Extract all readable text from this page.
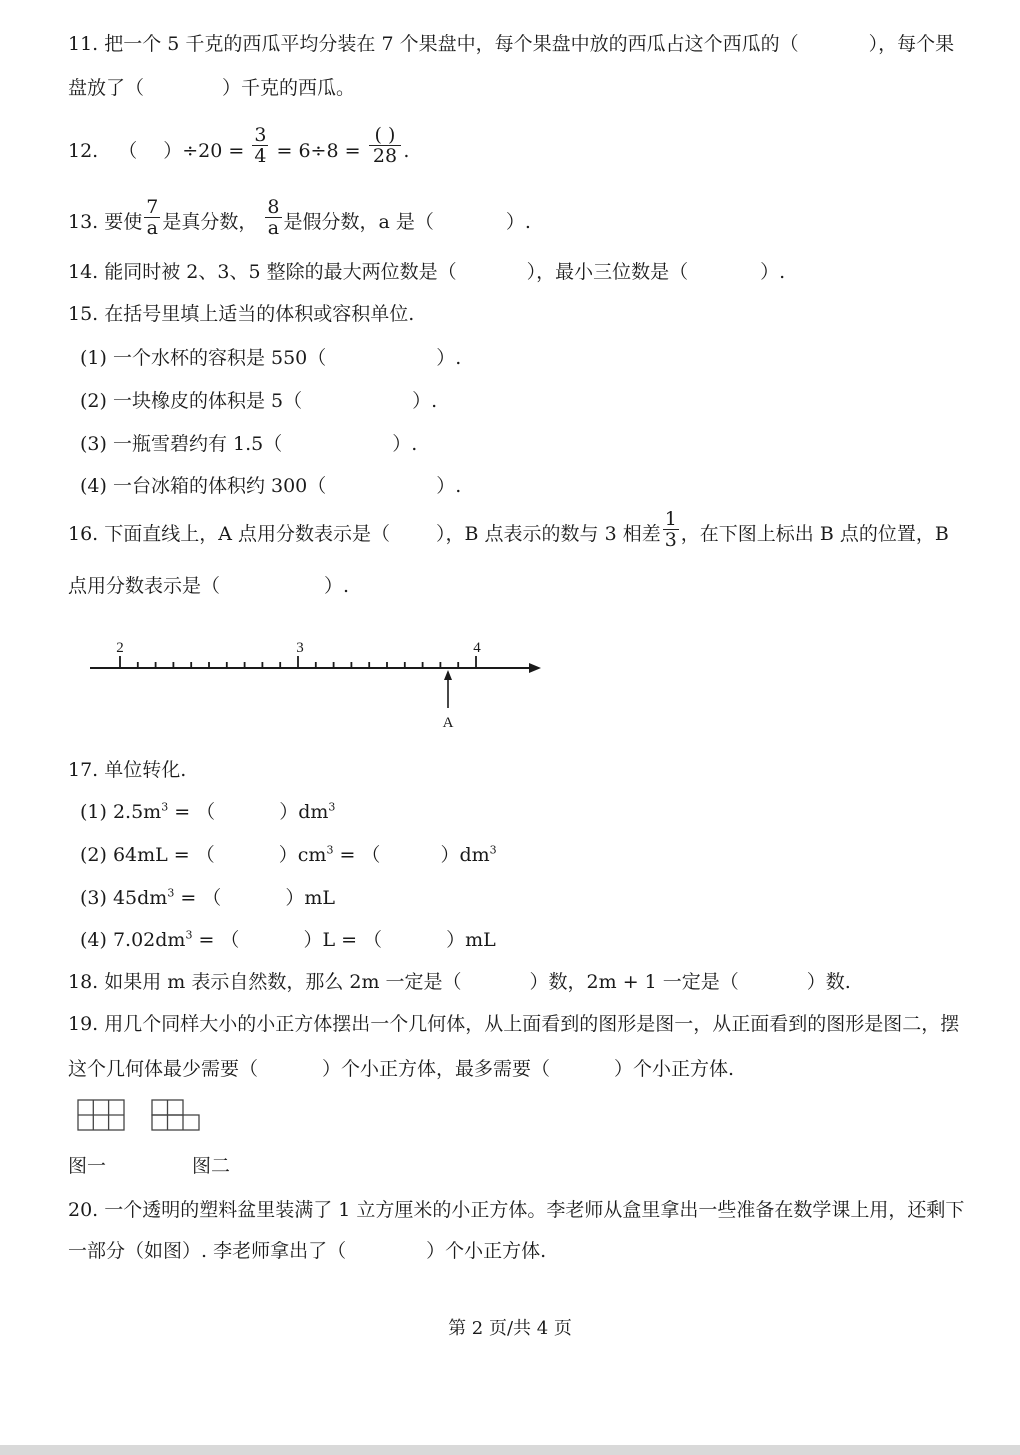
11. 把一个 5 千克的西瓜平均分装在 7 个果盘中，每个果盘中放的西瓜占这个西瓜的（	），每个果
盘放了（	）千克的西瓜。
12. （ ）$\div 20 = \frac{3}{4} = 6\div 8 = \frac{( )}{28}$ .
13. 要使 $\frac{7}{a}$ 是真分数， $\frac{8}{a}$ 是假分数，a 是（	）.
14. 能同时被 2、3、5 整除的最大两位数是（	），最小三位数是（	）.
15. 在括号里填上适当的体积或容积单位.
(1) 一个水杯的容积是 550（	）.
(2) 一块橡皮的体积是 5（	）.
(3) 一瓶雪碧约有 1.5（	）.
(4) 一台冰箱的体积约 300（	）.
16. 下面直线上，A 点用分数表示是（ ），B 点表示的数与 3 相差 $\frac{1}{3}$ ，在下图上标出 B 点的位置，B
点用分数表示是（	）.
2	3	4
A
17. 单位转化.
(1) $2.5m^3$ = （	）$dm^3$
(2) 64mL = （	）$cm^3$ = （	）$dm^3$
(3) $45dm^3$ = （	）mL
(4) $7.02dm^3$ = （	）L = （	）mL
18. 如果用 m 表示自然数，那么 2m 一定是（	）数，2m + 1 一定是（	）数.
19. 用几个同样大小的小正方体摆出一个几何体，从上面看到的图形是图一，从正面看到的图形是图二，摆
这个几何体最少需要（	）个小正方体，最多需要（	）个小正方体.
图一	图二
20. 一个透明的塑料盆里装满了 1 立方厘米的小正方体。李老师从盒里拿出一些准备在数学课上用，还剩下
一部分（如图）. 李老师拿出了（	）个小正方体.
第 2 页/共 4 页
